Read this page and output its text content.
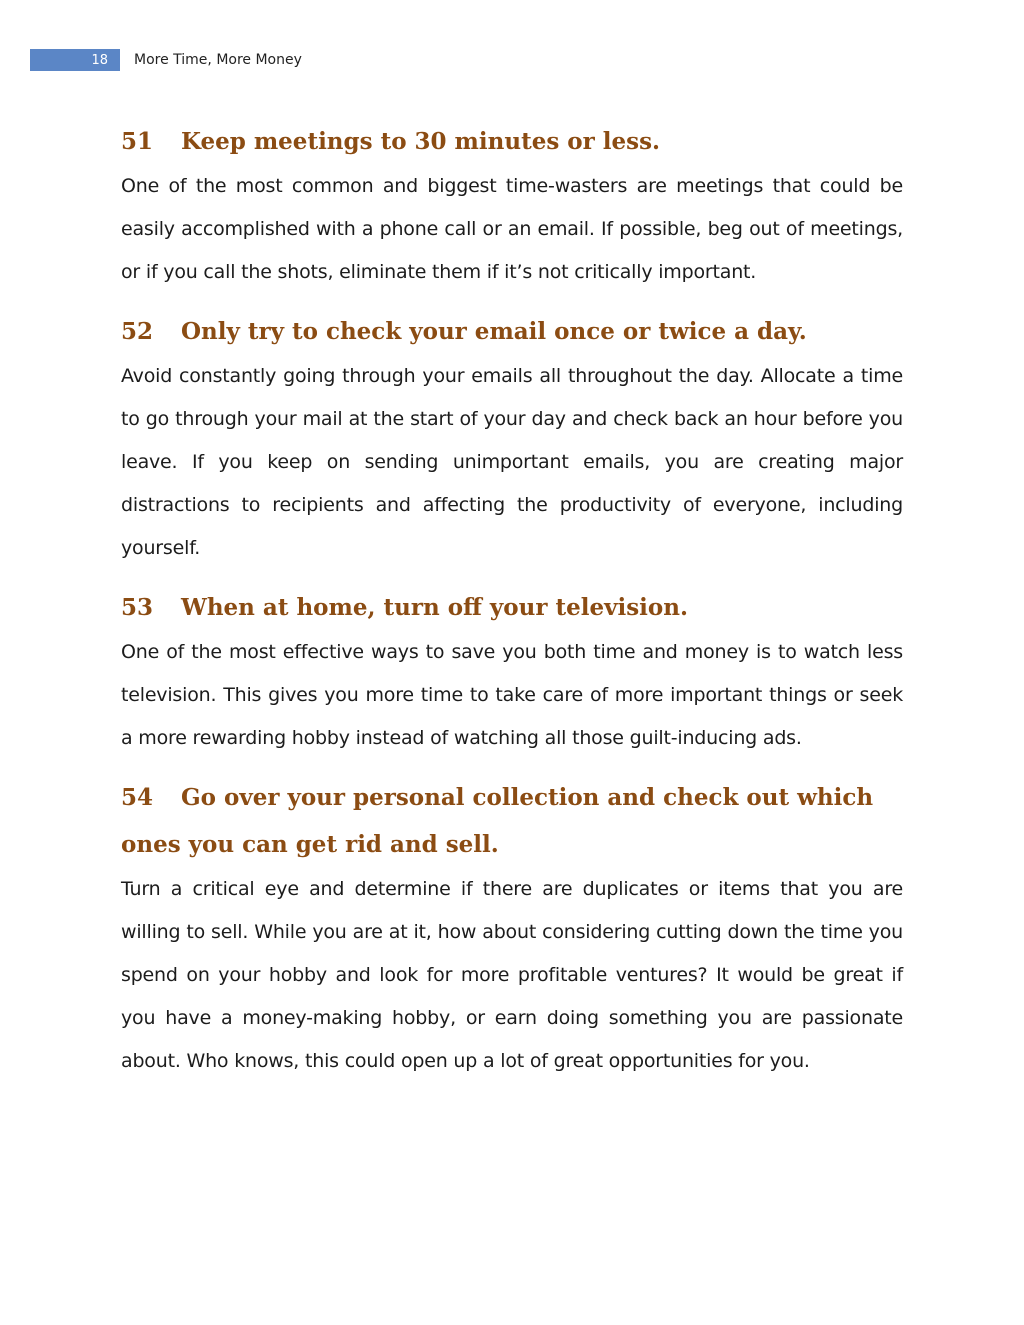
18	More Time, More Money
51 Keep meetings to 30 minutes or less.

One of the most common and biggest time-wasters are meetings that could be easily accomplished with a phone call or an email. If possible, beg out of meetings, or if you call the shots, eliminate them if it’s not critically important.

52 Only try to check your email once or twice a day.

Avoid constantly going through your emails all throughout the day. Allocate a time to go through your mail at the start of your day and check back an hour before you leave. If you keep on sending unimportant emails, you are creating major distractions to recipients and affecting the productivity of everyone, including yourself.

53 When at home, turn off your television.

One of the most effective ways to save you both time and money is to watch less television. This gives you more time to take care of more important things or seek a more rewarding hobby instead of watching all those guilt-inducing ads.

54 Go over your personal collection and check out which ones you can get rid and sell.

Turn a critical eye and determine if there are duplicates or items that you are willing to sell. While you are at it, how about considering cutting down the time you spend on your hobby and look for more profitable ventures? It would be great if you have a money-making hobby, or earn doing something you are passionate about. Who knows, this could open up a lot of great opportunities for you.
